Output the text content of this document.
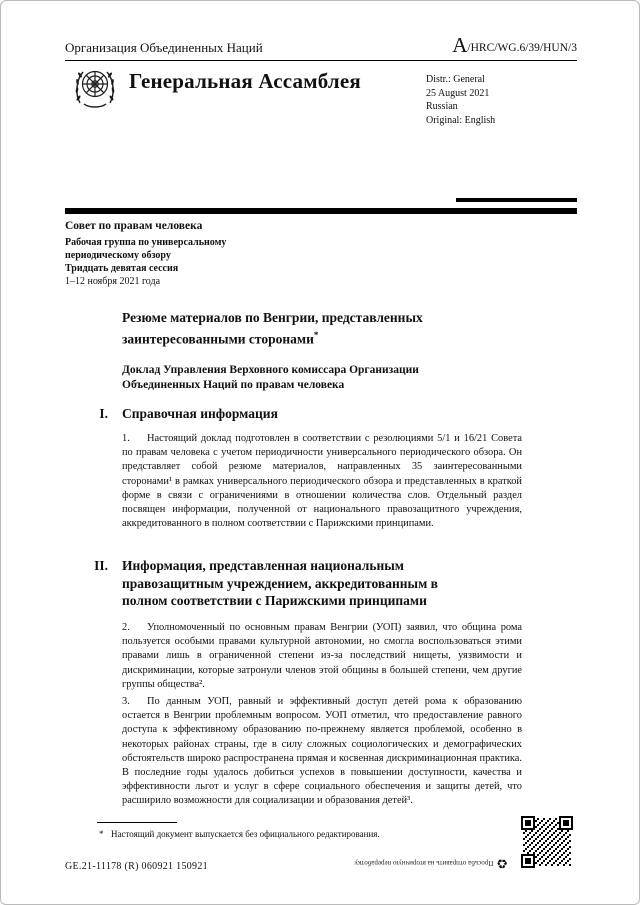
Организация Объединенных Наций	A/HRC/WG.6/39/HUN/3
Генеральная Ассамблея	Distr.: General
25 August 2021
Russian
Original: English
Совет по правам человека
Рабочая группа по универсальному
периодическому обзору
Тридцать девятая сессия
1–12 ноября 2021 года
Резюме материалов по Венгрии, представленных заинтересованными сторонами*
Доклад Управления Верховного комиссара Организации Объединенных Наций по правам человека
I.	Справочная информация
1. Настоящий доклад подготовлен в соответствии с резолюциями 5/1 и 16/21 Совета по правам человека с учетом периодичности универсального периодического обзора. Он представляет собой резюме материалов, направленных 35 заинтересованными сторонами¹ в рамках универсального периодического обзора и представленных в краткой форме в связи с ограничениями в отношении количества слов. Отдельный раздел посвящен информации, полученной от национального правозащитного учреждения, аккредитованного в полном соответствии с Парижскими принципами.
II.	Информация, представленная национальным правозащитным учреждением, аккредитованным в полном соответствии с Парижскими принципами
2. Уполномоченный по основным правам Венгрии (УОП) заявил, что община рома пользуется особыми правами культурной автономии, но смогла воспользоваться этими правами лишь в ограниченной степени из-за последствий нищеты, уязвимости и дискриминации, которые затронули членов этой общины в большей степени, чем другие группы общества².
3. По данным УОП, равный и эффективный доступ детей рома к образованию остается в Венгрии проблемным вопросом. УОП отметил, что предоставление равного доступа к эффективному образованию по-прежнему является проблемой, особенно в некоторых районах страны, где в силу сложных социологических и демографических обстоятельств широко распространена прямая и косвенная дискриминационная практика. В последние годы удалось добиться успехов в повышении доступности, качества и эффективности льгот и услуг в сфере социального обеспечения и защиты детей, что расширило возможности для социализации и образования детей³.
* Настоящий документ выпускается без официального редактирования.
GE.21-11178 (R) 060921 150921	♻
Просьба отправить на вторичную переработку
